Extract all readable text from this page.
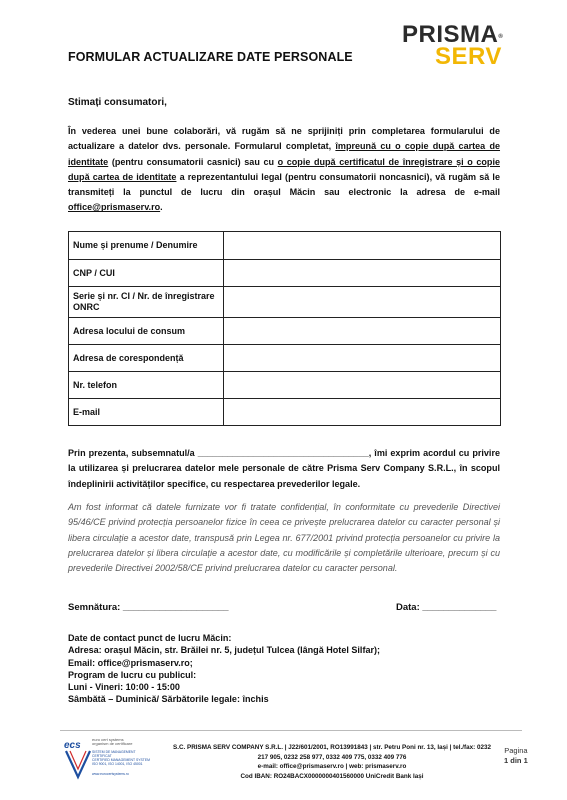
FORMULAR ACTUALIZARE DATE PERSONALE
PRISMA®
SERV
Stimați consumatori,
În vederea unei bune colaborări, vă rugăm să ne sprijiniți prin completarea formularului de actualizare a datelor dvs. personale. Formularul completat, împreună cu o copie după cartea de identitate (pentru consumatorii casnici) sau cu o copie după certificatul de înregistrare și o copie după cartea de identitate a reprezentantului legal (pentru consumatorii noncasnici), vă rugăm să le transmiteți la punctul de lucru din orașul Măcin sau electronic la adresa de e-mail office@prismaserv.ro.
Nume și prenume / Denumire	
CNP / CUI	
Serie și nr. CI / Nr. de înregistrare ONRC	
Adresa locului de consum	
Adresa de corespondență	
Nr. telefon	
E-mail	
Prin prezenta, subsemnatul/a __________________________________, îmi exprim acordul cu privire la utilizarea și prelucrarea datelor mele personale de către Prisma Serv Company S.R.L., în scopul îndeplinirii activităților specifice, cu respectarea prevederilor legale.
Am fost informat că datele furnizate vor fi tratate confidențial, în conformitate cu prevederile Directivei 95/46/CE privind protecția persoanelor fizice în ceea ce privește prelucrarea datelor cu caracter personal și libera circulație a acestor date, transpusă prin Legea nr. 677/2001 privind protecția persoanelor cu privire la prelucrarea datelor și libera circulație a acestor date, cu modificările și completările ulterioare, precum și cu prevederile Directivei 2002/58/CE privind prelucrarea datelor cu caracter personal.
Semnătura: ____________________	Data: ______________
Date de contact punct de lucru Măcin:
Adresa: orașul Măcin, str. Brăilei nr. 5, județul Tulcea (lângă Hotel Silfar);
Email: office@prismaserv.ro;
Program de lucru cu publicul:
Luni - Vineri: 10:00 - 15:00
Sâmbătă – Duminică/ Sărbătorile legale: închis
ecs
euro cert systems
organism de certificare
SISTEM DE MANAGEMENT CERTIFICAT
CERTIFIED MANAGEMENT SYSTEM
ISO 9001, ISO 14001, ISO 45001
www.eurocertsystems.ro
S.C. PRISMA SERV COMPANY S.R.L. | J22/601/2001, RO13991843 | str. Petru Poni nr. 13, Iași | tel./fax: 0232 217 905, 0232 258 977, 0332 409 775, 0332 409 776
e-mail: office@prismaserv.ro | web: prismaserv.ro
Cod IBAN: RO24BACX0000000401560000 UniCredit Bank Iași
Pagina
1 din 1
